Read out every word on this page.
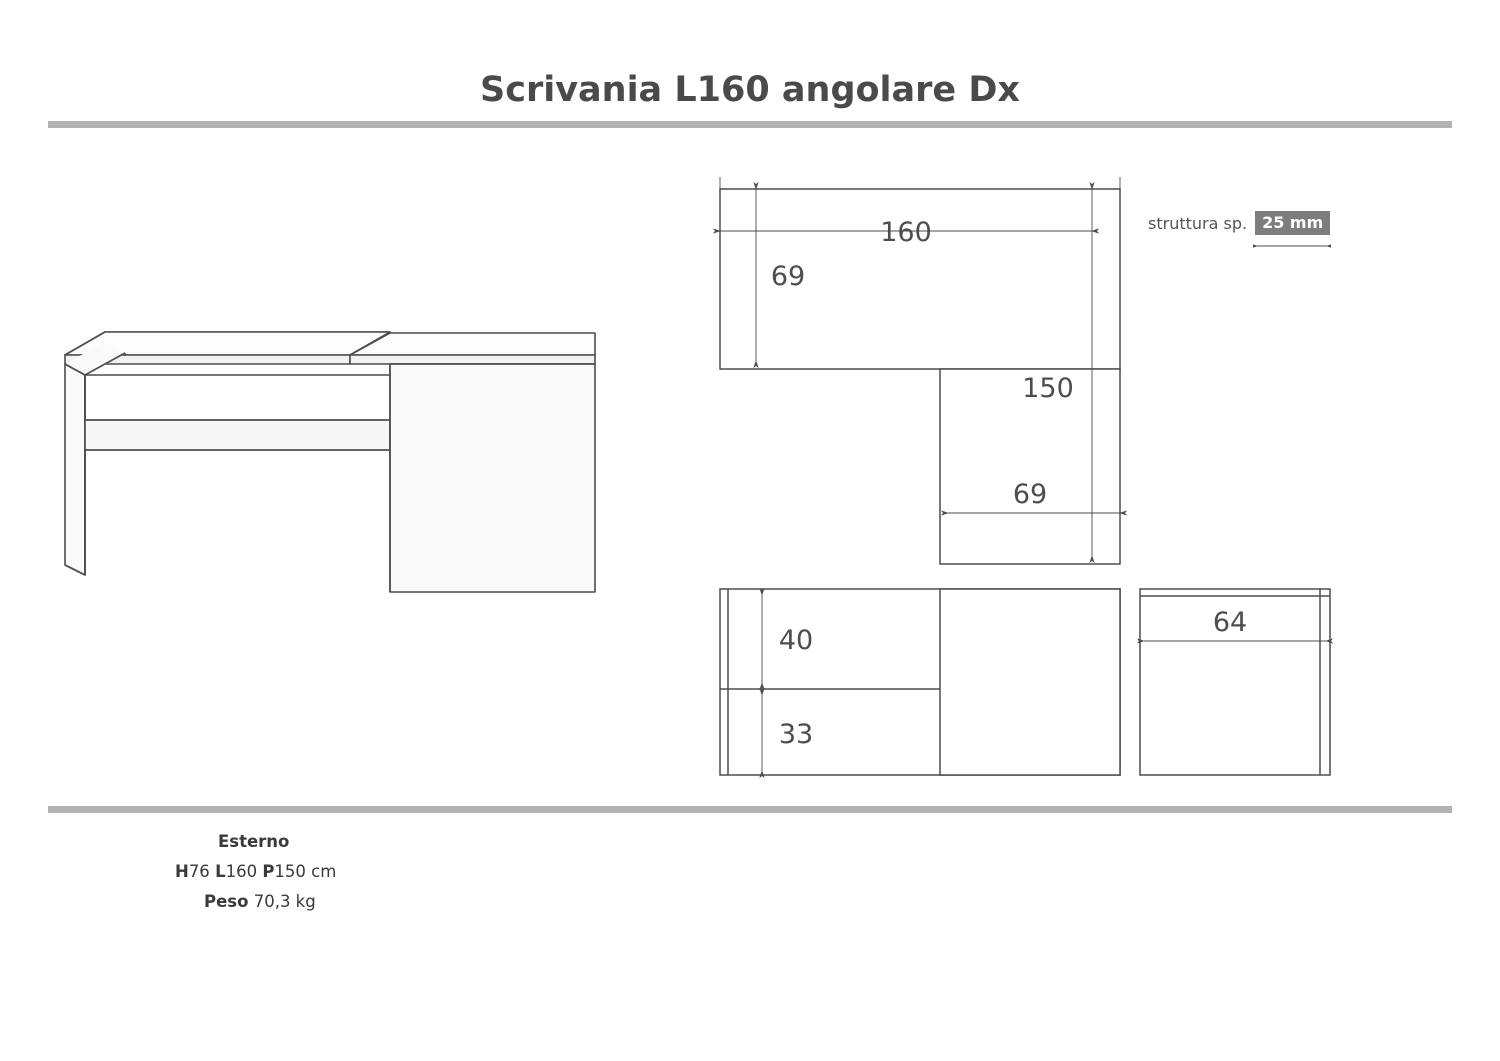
Scrivania L160 angolare Dx
160
69
150
69
40
33
64
struttura sp. 25 mm
Esterno
H76 L160 P150 cm
Peso 70,3 kg
